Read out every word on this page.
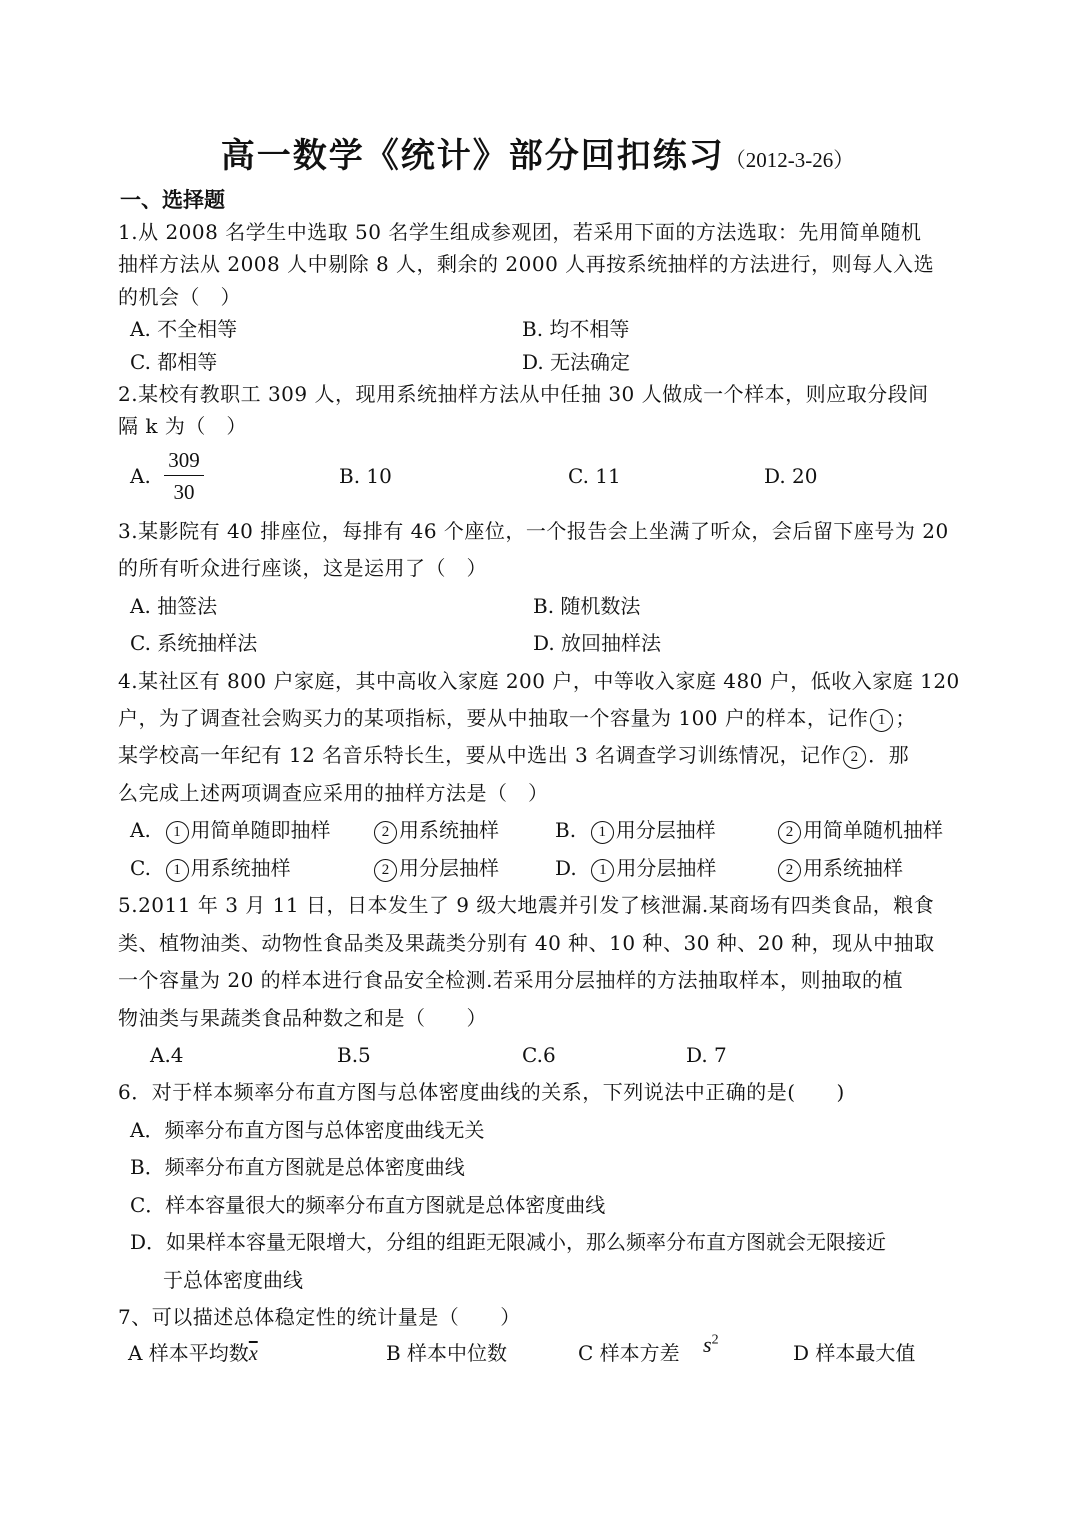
高一数学《统计》部分回扣练习（2012-3-26）
一、选择题
1.从 2008 名学生中选取 50 名学生组成参观团，若采用下面的方法选取：先用简单随机
抽样方法从 2008 人中剔除 8 人，剩余的 2000 人再按系统抽样的方法进行，则每人入选
的机会（　）
A. 不全相等	B. 均不相等
C. 都相等	D. 无法确定
2.某校有教职工 309 人，现用系统抽样方法从中任抽 30 人做成一个样本，则应取分段间
隔 k 为（　）
A. $\frac{309}{30}$	B. 10	C. 11	D. 20
3.某影院有 40 排座位，每排有 46 个座位，一个报告会上坐满了听众，会后留下座号为 20
的所有听众进行座谈，这是运用了（　）
A. 抽签法	B. 随机数法
C. 系统抽样法	D. 放回抽样法
4.某社区有 800 户家庭，其中高收入家庭 200 户，中等收入家庭 480 户，低收入家庭 120
户，为了调查社会购买力的某项指标，要从中抽取一个容量为 100 户的样本，记作 1 ；
某学校高一年纪有 12 名音乐特长生，要从中选出 3 名调查学习训练情况，记作 2 ．那
么完成上述两项调查应采用的抽样方法是（　）
A. 1 用简单随即抽样	2 用系统抽样	B. 1 用分层抽样	2 用简单随机抽样
C. 1 用系统抽样	2 用分层抽样	D. 1 用分层抽样	2 用系统抽样
5.2011 年 3 月 11 日，日本发生了 9 级大地震并引发了核泄漏.某商场有四类食品，粮食
类、植物油类、动物性食品类及果蔬类分别有 40 种、10 种、30 种、20 种，现从中抽取
一个容量为 20 的样本进行食品安全检测.若采用分层抽样的方法抽取样本，则抽取的植
物油类与果蔬类食品种数之和是（　　）
A.4	B.5	C.6	D. 7
6．对于样本频率分布直方图与总体密度曲线的关系，下列说法中正确的是(　　)
A．频率分布直方图与总体密度曲线无关
B．频率分布直方图就是总体密度曲线
C．样本容量很大的频率分布直方图就是总体密度曲线
D．如果样本容量无限增大，分组的组距无限减小，那么频率分布直方图就会无限接近
于总体密度曲线
7、可以描述总体稳定性的统计量是（　　）
A 样本平均数$\overline{x}$	B 样本中位数	C 样本方差 $s^2$
D 样本最大值
